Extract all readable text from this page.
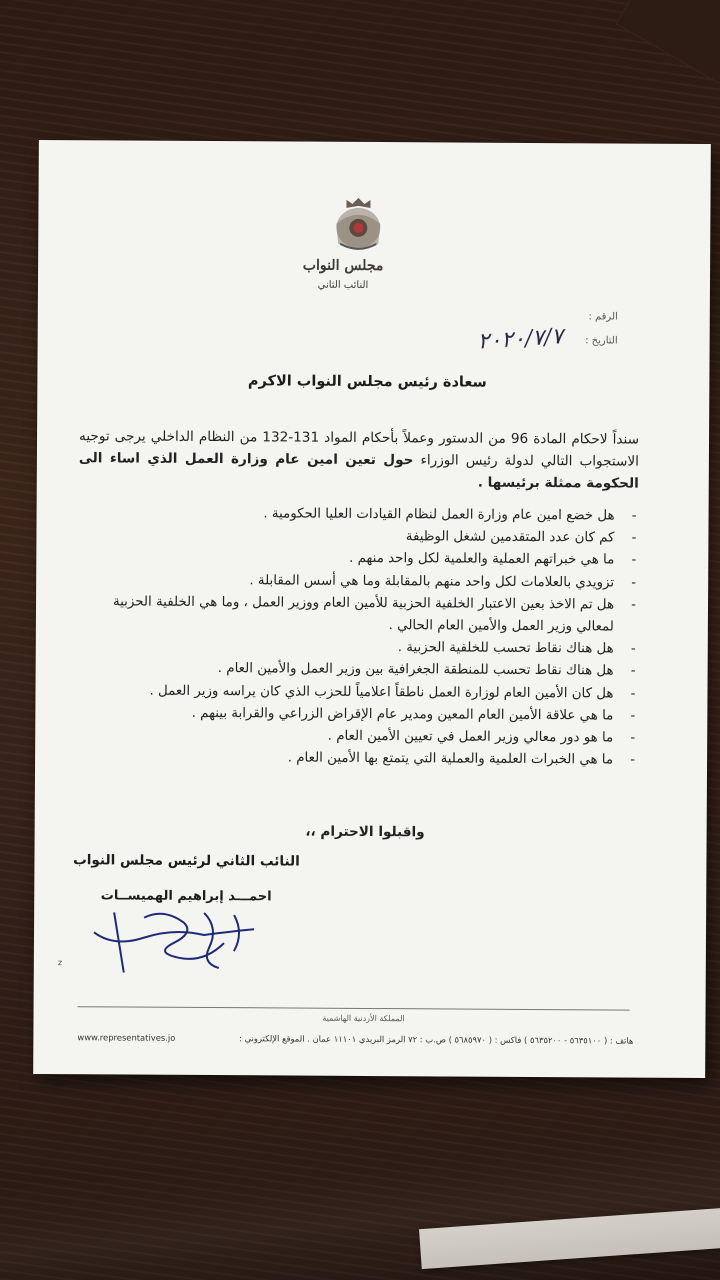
مجلس النواب
النائب الثاني
الرقم :
التاريخ :
٢٠٢٠/٧/٧
سعادة رئيس مجلس النواب الاكرم
سنداً لاحكام المادة 96 من الدستور وعملاً بأحكام المواد 131-132 من النظام الداخلي يرجى توجيه الاستجواب التالي لدولة رئيس الوزراء حول تعين امين عام وزارة العمل الذي اساء الى الحكومة ممثلة برئيسها .
- هل خضع امين عام وزارة العمل لنظام القيادات العليا الحكومية .
- كم كان عدد المتقدمين لشغل الوظيفة
- ما هي خبراتهم العملية والعلمية لكل واحد منهم .
- تزويدي بالعلامات لكل واحد منهم بالمقابلة وما هي أسس المقابلة .
- هل تم الاخذ بعين الاعتبار الخلفية الحزبية للأمين العام ووزير العمل ، وما هي الخلفية الحزبية لمعالي وزير العمل والأمين العام الحالي .
- هل هناك نقاط تحسب للخلفية الحزبية .
- هل هناك نقاط تحسب للمنطقة الجغرافية بين وزير العمل والأمين العام .
- هل كان الأمين العام لوزارة العمل ناطقاً اعلامياً للحزب الذي كان يراسه وزير العمل .
- ما هي علاقة الأمين العام المعين ومدير عام الإقراض الزراعي والقرابة بينهم .
- ما هو دور معالي وزير العمل في تعيين الأمين العام .
- ما هي الخبرات العلمية والعملية التي يتمتع بها الأمين العام .
واقبلوا الاحترام ،،
النائب الثاني لرئيس مجلس النواب
احمـــد إبراهيم الهميســات
z
المملكة الأردنية الهاشمية
www.representatives.jo	هاتف : ( ٥٦٣٥١٠٠ - ٥٦٣٥٢٠٠ ) فاكس : ( ٥٦٨٥٩٧٠ ) ص.ب : ٧٢ الرمز البريدي ١١١٠١ عمان . الموقع الإلكتروني :
